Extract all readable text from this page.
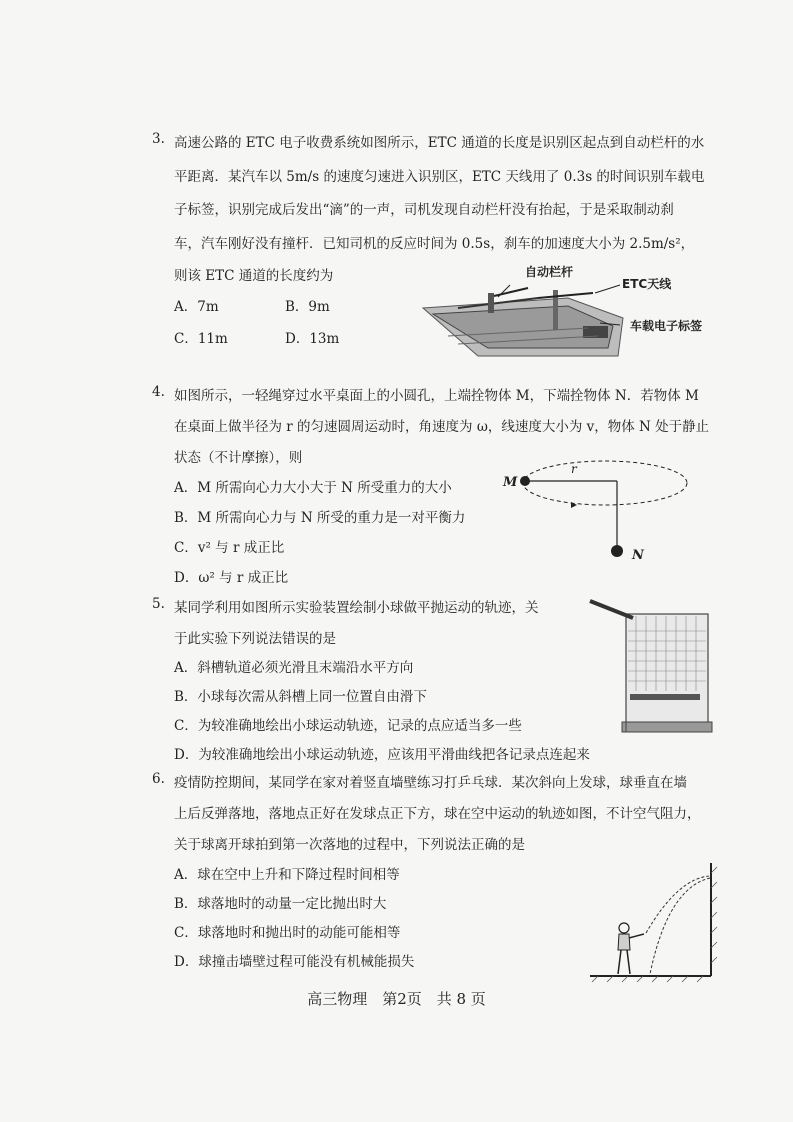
3. 高速公路的 ETC 电子收费系统如图所示，ETC 通道的长度是识别区起点到自动栏杆的水
平距离．某汽车以 5m/s 的速度匀速进入识别区，ETC 天线用了 0.3s 的时间识别车载电
子标签，识别完成后发出“滴”的一声，司机发现自动栏杆没有抬起，于是采取制动刹
车，汽车刚好没有撞杆．已知司机的反应时间为 0.5s，刹车的加速度大小为 2.5m/s²，
则该 ETC 通道的长度约为
A．7m	B．9m
C．11m	D．13m
自动栏杆
ETC天线
车载电子标签
4. 如图所示，一轻绳穿过水平桌面上的小圆孔，上端拴物体 M，下端拴物体 N．若物体 M
在桌面上做半径为 r 的匀速圆周运动时，角速度为 ω，线速度大小为 v，物体 N 处于静止
状态（不计摩擦），则
A．M 所需向心力大小大于 N 所受重力的大小
B．M 所需向心力与 N 所受的重力是一对平衡力
C．v² 与 r 成正比
D．ω² 与 r 成正比
M
r
N
5. 某同学利用如图所示实验装置绘制小球做平抛运动的轨迹，关
于此实验下列说法错误的是
A．斜槽轨道必须光滑且末端沿水平方向
B．小球每次需从斜槽上同一位置自由滑下
C．为较准确地绘出小球运动轨迹，记录的点应适当多一些
D．为较准确地绘出小球运动轨迹，应该用平滑曲线把各记录点连起来
6. 疫情防控期间，某同学在家对着竖直墙壁练习打乒乓球．某次斜向上发球，球垂直在墙
上后反弹落地，落地点正好在发球点正下方，球在空中运动的轨迹如图，不计空气阻力，
关于球离开球拍到第一次落地的过程中，下列说法正确的是
A．球在空中上升和下降过程时间相等
B．球落地时的动量一定比抛出时大
C．球落地时和抛出时的动能可能相等
D．球撞击墙壁过程可能没有机械能损失
高三物理　第2页　共 8 页
